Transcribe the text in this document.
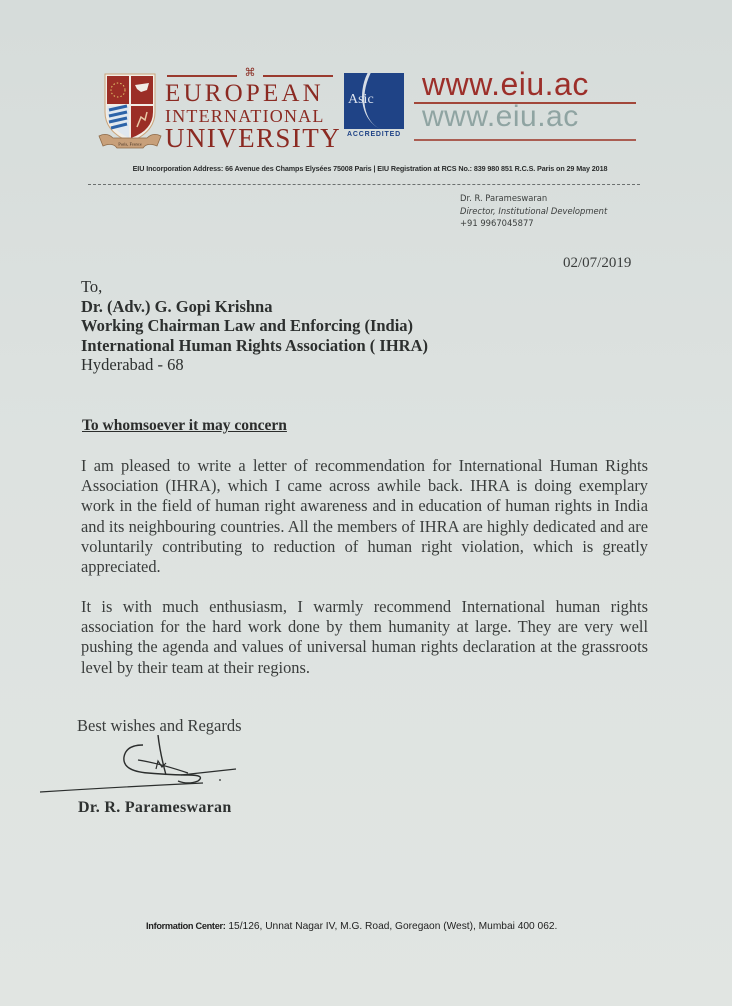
Paris, France
⌘
EUROPEAN
INTERNATIONAL
UNIVERSITY
Asic
ACCREDITED
www.eiu.ac
www.eiu.ac
EIU Incorporation Address: 66 Avenue des Champs Elysées 75008 Paris | EIU Registration at RCS No.: 839 980 851 R.C.S. Paris on 29 May 2018
Dr. R. Parameswaran
Director, Institutional Development
+91 9967045877
02/07/2019
To,
Dr. (Adv.) G. Gopi Krishna
Working Chairman Law and Enforcing (India)
International Human Rights Association ( IHRA)
Hyderabad - 68
To whomsoever it may concern

I am pleased to write a letter of recommendation for International Human Rights Association (IHRA), which I came across awhile back. IHRA is doing exemplary work in the field of human right awareness and in education of human rights in India and its neighbouring countries. All the members of IHRA are highly dedicated and are voluntarily contributing to reduction of human right violation, which is greatly appreciated.

It is with much enthusiasm, I warmly recommend International human rights association for the hard work done by them humanity at large. They are very well pushing the agenda and values of universal human rights declaration at the grassroots level by their team at their regions.

Best wishes and Regards
Dr. R. Parameswaran
Information Center: 15/126, Unnat Nagar IV, M.G. Road, Goregaon (West), Mumbai 400 062.
